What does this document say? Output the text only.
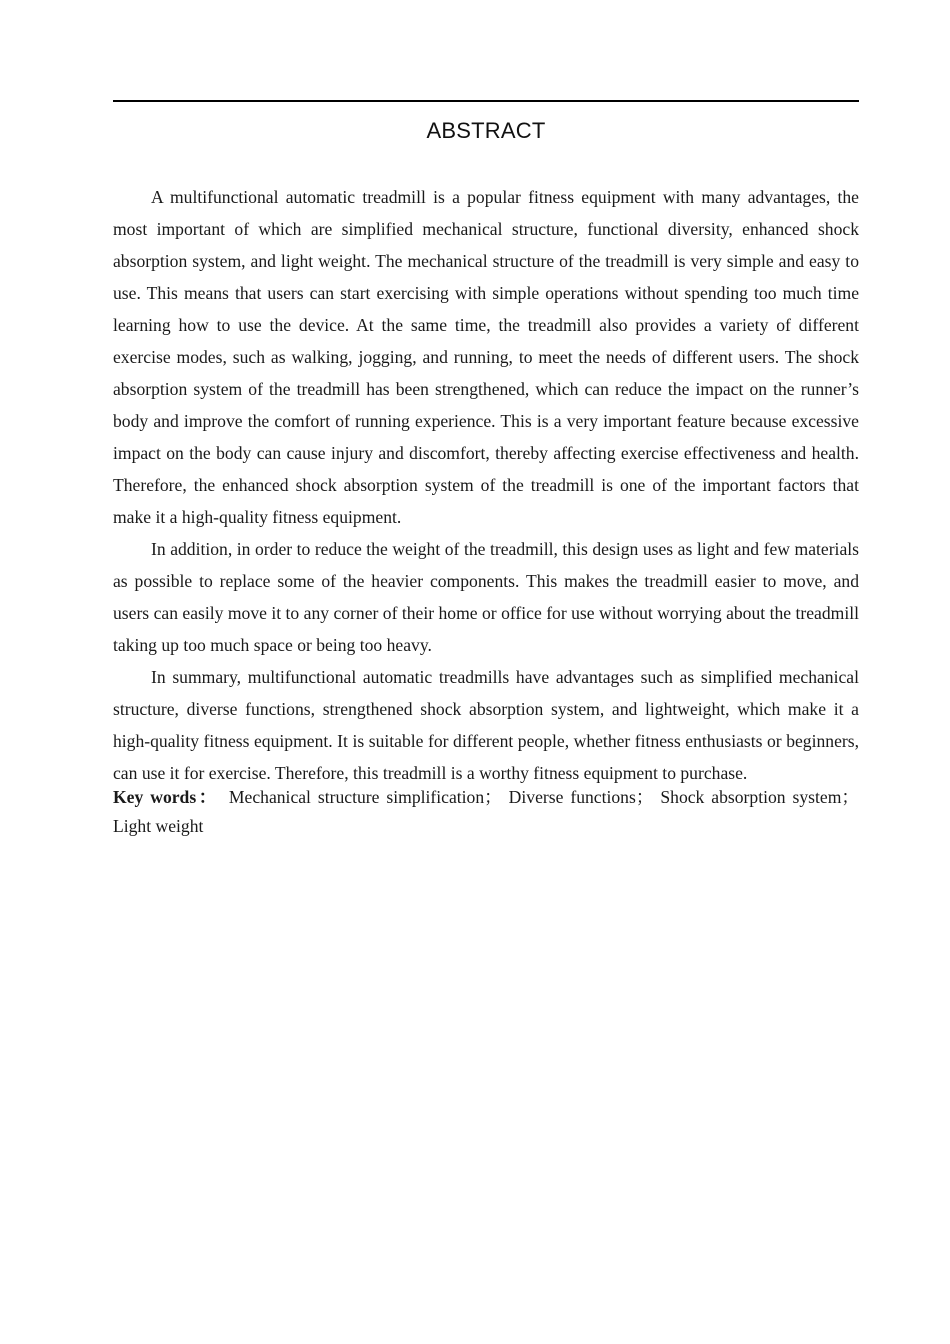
ABSTRACT

A multifunctional automatic treadmill is a popular fitness equipment with many advantages, the most important of which are simplified mechanical structure, functional diversity, enhanced shock absorption system, and light weight. The mechanical structure of the treadmill is very simple and easy to use. This means that users can start exercising with simple operations without spending too much time learning how to use the device. At the same time, the treadmill also provides a variety of different exercise modes, such as walking, jogging, and running, to meet the needs of different users. The shock absorption system of the treadmill has been strengthened, which can reduce the impact on the runner’s body and improve the comfort of running experience. This is a very important feature because excessive impact on the body can cause injury and discomfort, thereby affecting exercise effectiveness and health. Therefore, the enhanced shock absorption system of the treadmill is one of the important factors that make it a high-quality fitness equipment.

In addition, in order to reduce the weight of the treadmill, this design uses as light and few materials as possible to replace some of the heavier components. This makes the treadmill easier to move, and users can easily move it to any corner of their home or office for use without worrying about the treadmill taking up too much space or being too heavy.

In summary, multifunctional automatic treadmills have advantages such as simplified mechanical structure, diverse functions, strengthened shock absorption system, and lightweight, which make it a high-quality fitness equipment. It is suitable for different people, whether fitness enthusiasts or beginners, can use it for exercise. Therefore, this treadmill is a worthy fitness equipment to purchase.

Key words： Mechanical structure simplification； Diverse functions； Shock absorption system；Light weight
